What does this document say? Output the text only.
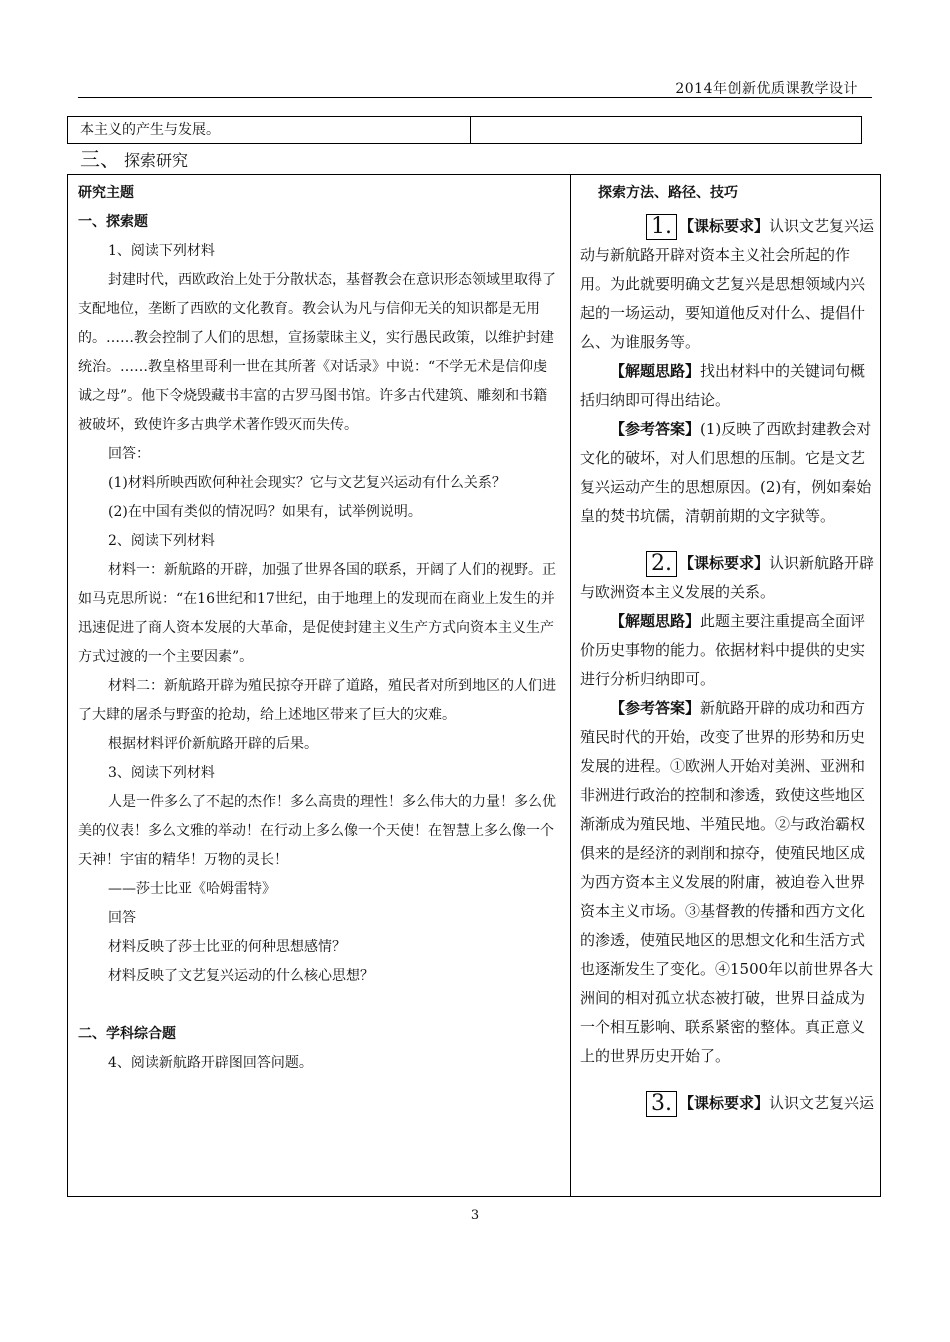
2014年创新优质课教学设计
本主义的产生与发展。
三、 探索研究

研究主题

一、探索题

1、阅读下列材料

封建时代，西欧政治上处于分散状态，基督教会在意识形态领域里取得了支配地位，垄断了西欧的文化教育。教会认为凡与信仰无关的知识都是无用的。……教会控制了人们的思想，宣扬蒙昧主义，实行愚民政策，以维护封建统治。……教皇格里哥利一世在其所著《对话录》中说：“不学无术是信仰虔诚之母”。他下令烧毁藏书丰富的古罗马图书馆。许多古代建筑、雕刻和书籍被破坏，致使许多古典学术著作毁灭而失传。

回答：

(1)材料所映西欧何种社会现实？它与文艺复兴运动有什么关系？

(2)在中国有类似的情况吗？如果有，试举例说明。

2、阅读下列材料

材料一：新航路的开辟，加强了世界各国的联系，开阔了人们的视野。正如马克思所说：“在16世纪和17世纪，由于地理上的发现而在商业上发生的并迅速促进了商人资本发展的大革命，是促使封建主义生产方式向资本主义生产方式过渡的一个主要因素”。

材料二：新航路开辟为殖民掠夺开辟了道路，殖民者对所到地区的人们进了大肆的屠杀与野蛮的抢劫，给上述地区带来了巨大的灾难。

根据材料评价新航路开辟的后果。

3、阅读下列材料

人是一件多么了不起的杰作！多么高贵的理性！多么伟大的力量！多么优美的仪表！多么文雅的举动！在行动上多么像一个天使！在智慧上多么像一个天神！宇宙的精华！万物的灵长！

——莎士比亚《哈姆雷特》

回答

材料反映了莎士比亚的何种思想感情？

材料反映了文艺复兴运动的什么核心思想？

二、学科综合题

4、阅读新航路开辟图回答问题。

探索方法、路径、技巧

1. 【课标要求】认识文艺复兴运

动与新航路开辟对资本主义社会所起的作用。为此就要明确文艺复兴是思想领域内兴起的一场运动，要知道他反对什么、提倡什么、为谁服务等。

【解题思路】找出材料中的关键词句概括归纳即可得出结论。

【参考答案】(1)反映了西欧封建教会对文化的破坏，对人们思想的压制。它是文艺复兴运动产生的思想原因。(2)有，例如秦始皇的焚书坑儒，清朝前期的文字狱等。

2. 【课标要求】认识新航路开辟

与欧洲资本主义发展的关系。

【解题思路】此题主要注重提高全面评价历史事物的能力。依据材料中提供的史实进行分析归纳即可。

【参考答案】新航路开辟的成功和西方殖民时代的开始，改变了世界的形势和历史发展的进程。①欧洲人开始对美洲、亚洲和非洲进行政治的控制和渗透，致使这些地区渐渐成为殖民地、半殖民地。②与政治霸权俱来的是经济的剥削和掠夺，使殖民地区成为西方资本主义发展的附庸，被迫卷入世界资本主义市场。③基督教的传播和西方文化的渗透，使殖民地区的思想文化和生活方式也逐渐发生了变化。④1500年以前世界各大洲间的相对孤立状态被打破，世界日益成为一个相互影响、联系紧密的整体。真正意义上的世界历史开始了。

3. 【课标要求】认识文艺复兴运

3
